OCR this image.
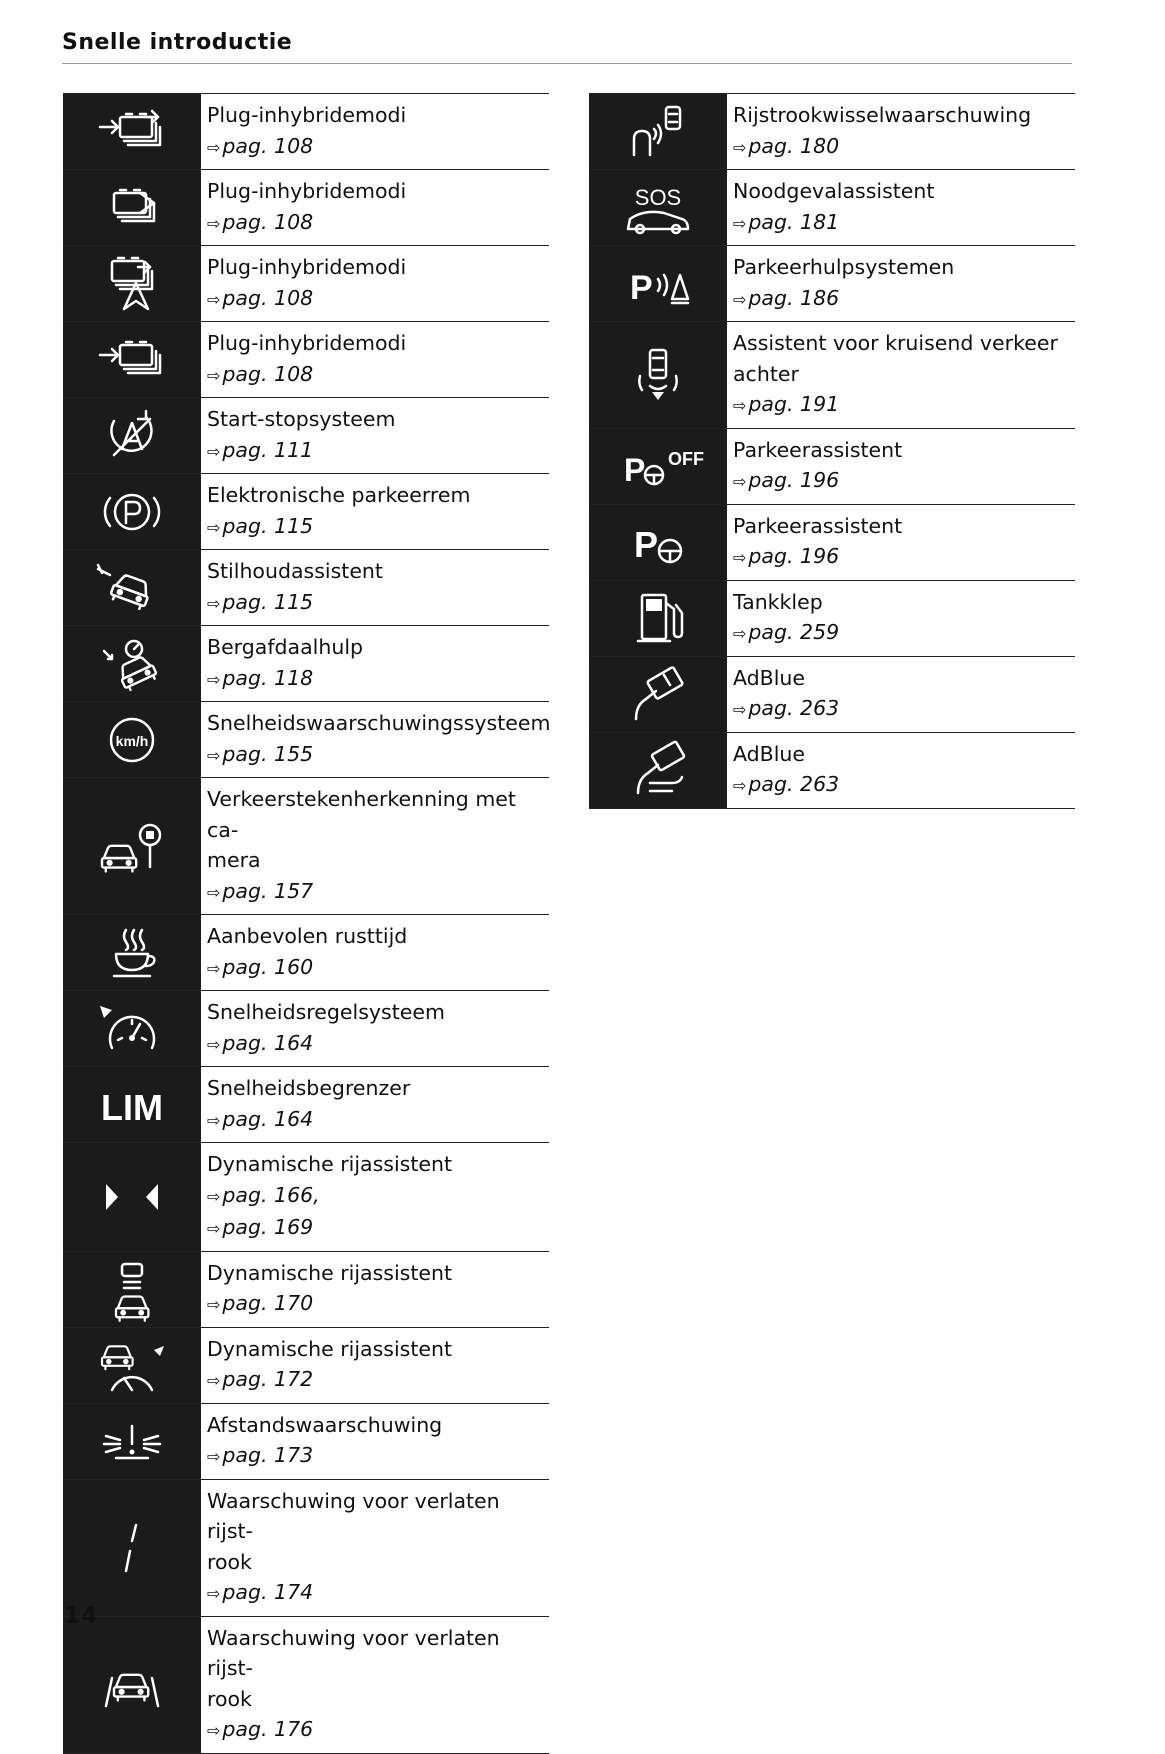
Snelle introductie
Plug-inhybridemodi
⇨pag. 108
Plug-inhybridemodi
⇨pag. 108
Plug-inhybridemodi
⇨pag. 108
Plug-inhybridemodi
⇨pag. 108
Start-stopsysteem
⇨pag. 111
Elektronische parkeerrem
⇨pag. 115
Stilhoudassistent
⇨pag. 115
Bergafdaalhulp
⇨pag. 118
km/h
Snelheidswaarschuwingssysteem
⇨pag. 155
Verkeerstekenherkenning met ca-
mera
⇨pag. 157
Aanbevolen rusttijd
⇨pag. 160
Snelheidsregelsysteem
⇨pag. 164
LIM Snelheidsbegrenzer
⇨pag. 164
Dynamische rijassistent
⇨pag. 166,
⇨pag. 169
Dynamische rijassistent
⇨pag. 170
Dynamische rijassistent
⇨pag. 172
Afstandswaarschuwing
⇨pag. 173
Waarschuwing voor verlaten rijst-
rook
⇨pag. 174
Waarschuwing voor verlaten rijst-
rook
⇨pag. 176
Rijstrookwisselwaarschuwing
⇨pag. 180
SOS	Noodgevalassistent
⇨pag. 181
P
Parkeerhulpsystemen
⇨pag. 186
Assistent voor kruisend verkeer
achter
⇨pag. 191
P OFF Parkeerassistent
⇨pag. 196
P	Parkeerassistent
⇨pag. 196
Tankklep
⇨pag. 259
AdBlue
⇨pag. 263
AdBlue
⇨pag. 263
14
